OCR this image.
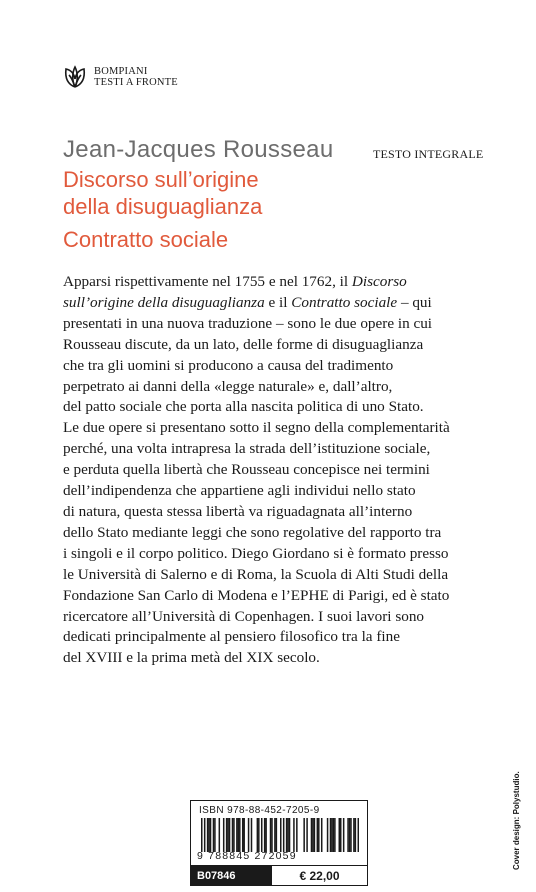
BOMPIANI
TESTI A FRONTE
Jean-Jacques Rousseau	TESTO INTEGRALE
Discorso sull’origine
della disuguaglianza
Contratto sociale
Apparsi rispettivamente nel 1755 e nel 1762, il Discorso
sull’origine della disuguaglianza e il Contratto sociale – qui
presentati in una nuova traduzione – sono le due opere in cui
Rousseau discute, da un lato, delle forme di disuguaglianza
che tra gli uomini si producono a causa del tradimento
perpetrato ai danni della «legge naturale» e, dall’altro,
del patto sociale che porta alla nascita politica di uno Stato.
Le due opere si presentano sotto il segno della complementarità
perché, una volta intrapresa la strada dell’istituzione sociale,
e perduta quella libertà che Rousseau concepisce nei termini
dell’indipendenza che appartiene agli individui nello stato
di natura, questa stessa libertà va riguadagnata all’interno
dello Stato mediante leggi che sono regolative del rapporto tra
i singoli e il corpo politico. Diego Giordano si è formato presso
le Università di Salerno e di Roma, la Scuola di Alti Studi della
Fondazione San Carlo di Modena e l’EPHE di Parigi, ed è stato
ricercatore all’Università di Copenhagen. I suoi lavori sono
dedicati principalmente al pensiero filosofico tra la fine
del XVIII e la prima metà del XIX secolo.
Cover design: Polystudio.
ISBN 978-88-452-7205-9
9 788845 272059
B07846	€ 22,00
